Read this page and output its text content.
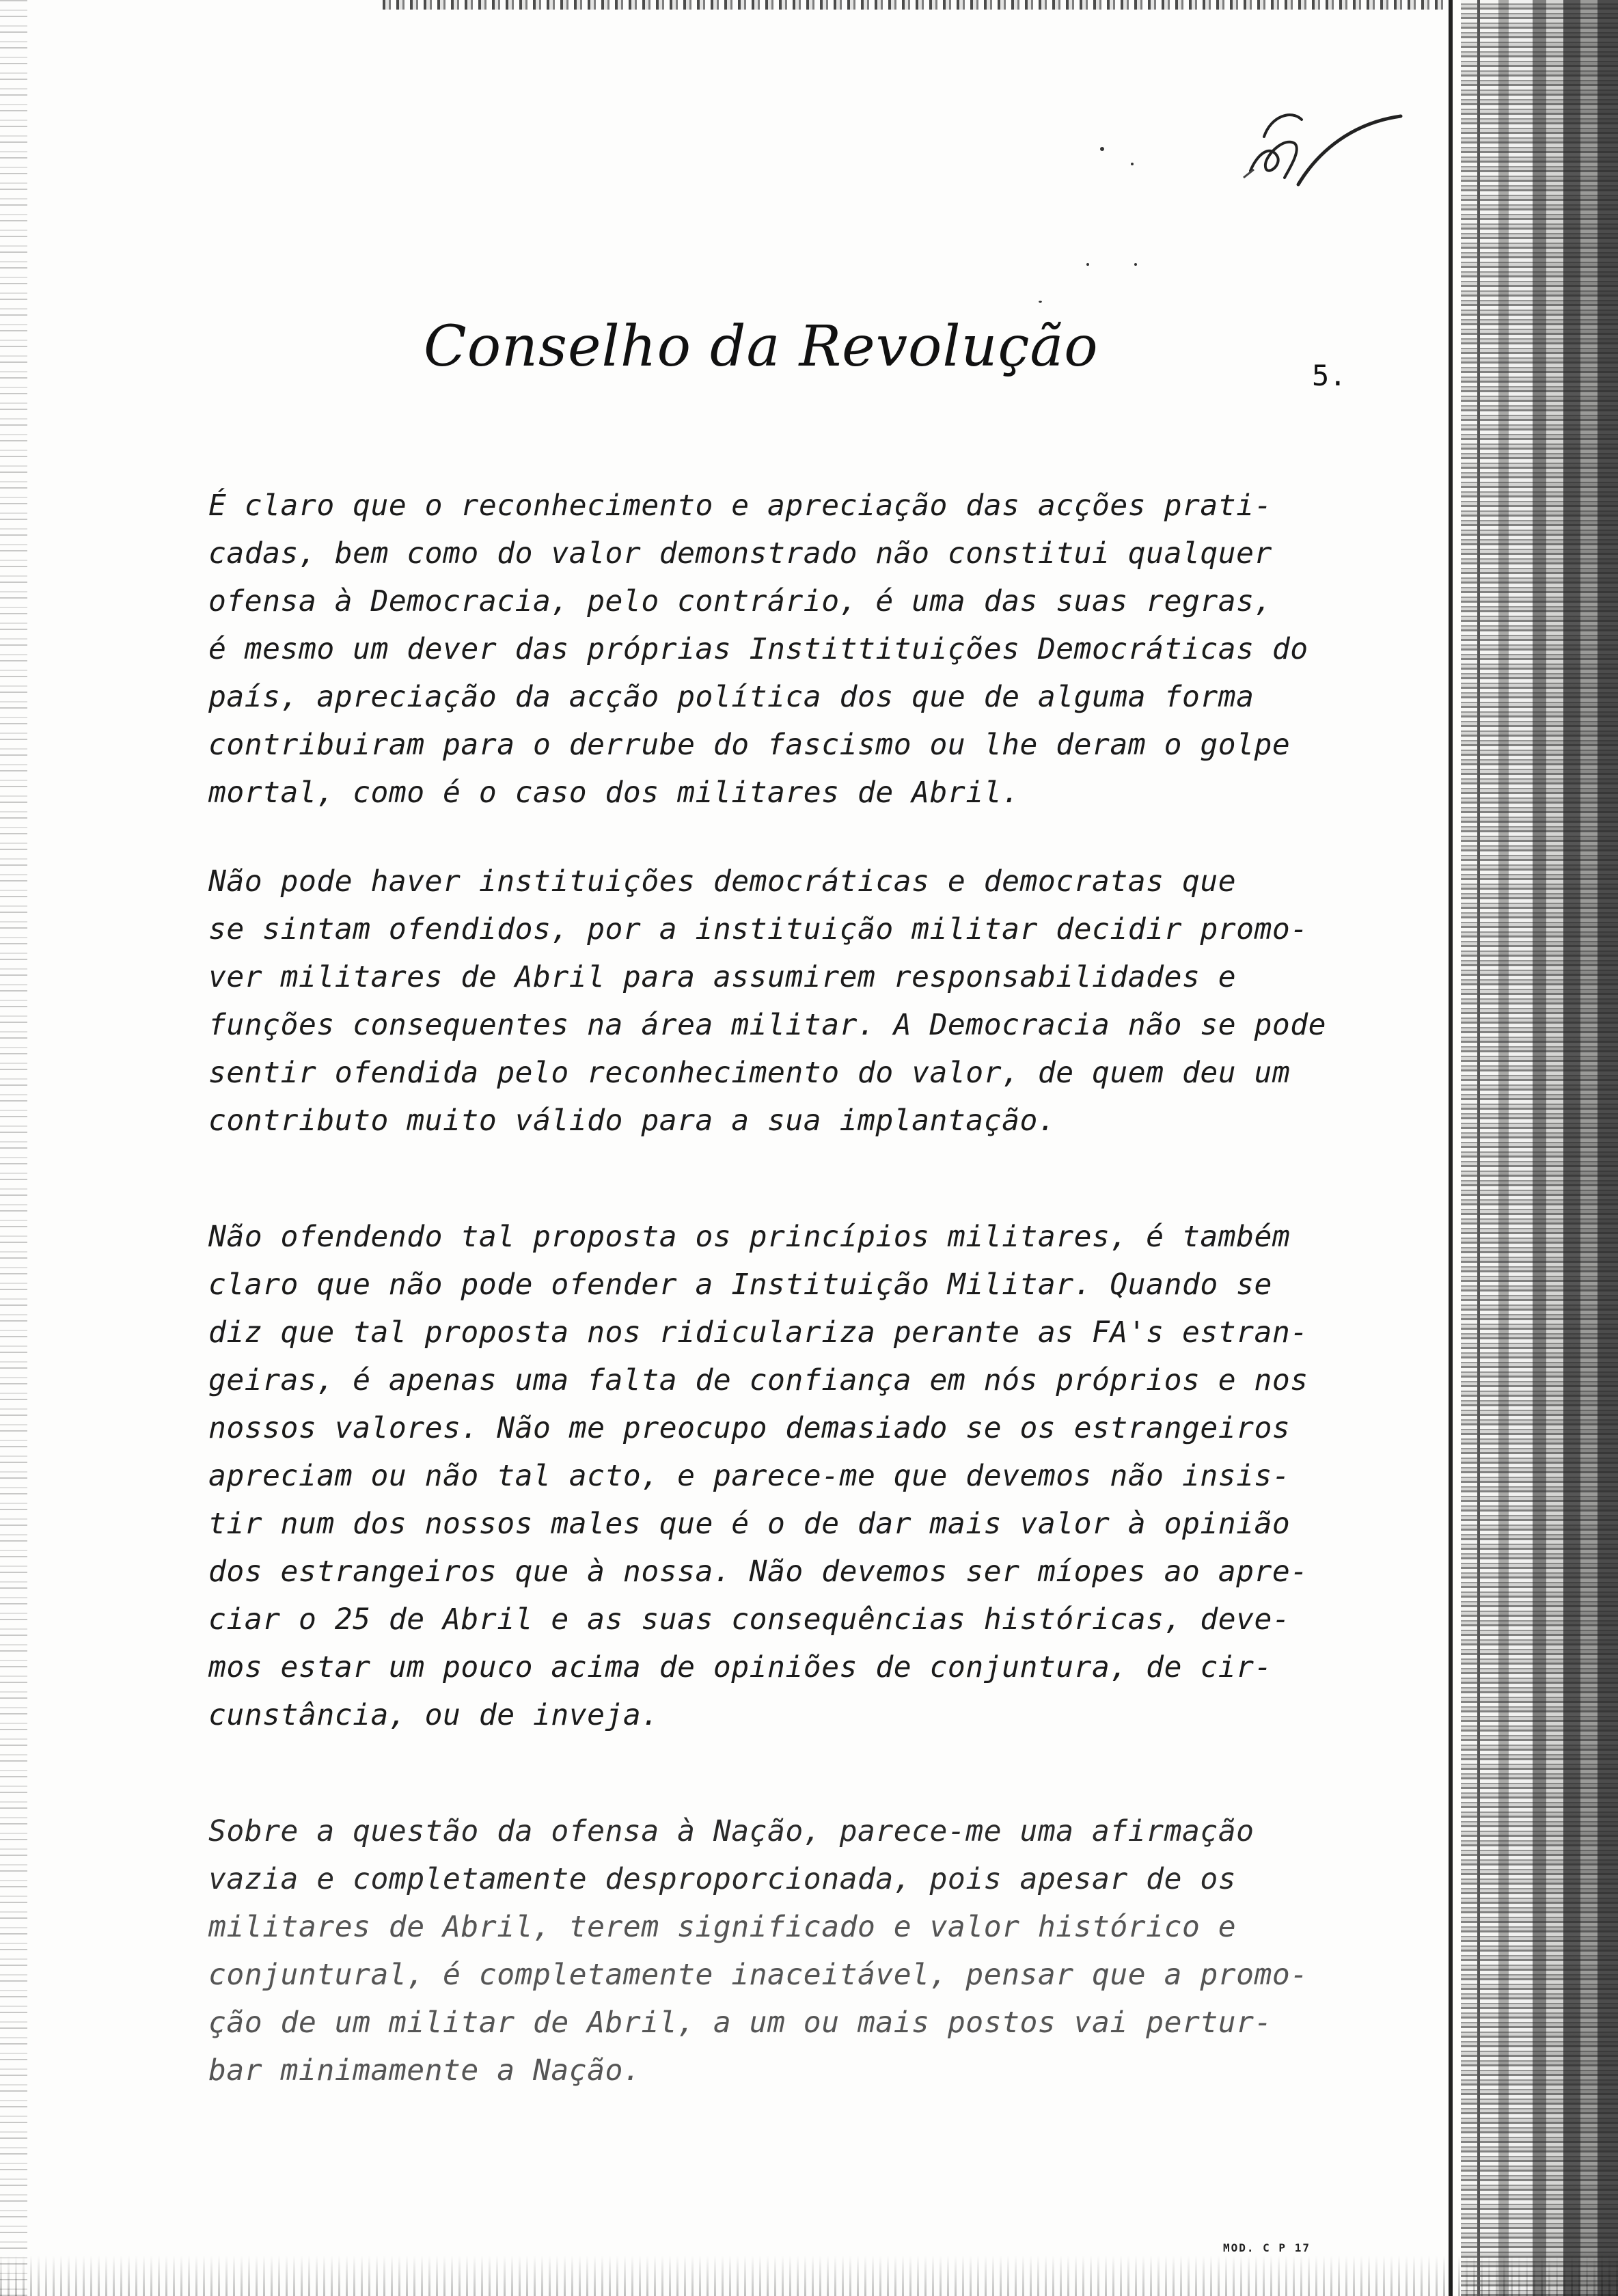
Conselho da Revolução	5.
É claro que o reconhecimento e apreciação das acções prati-
cadas, bem como do valor demonstrado não constitui qualquer
ofensa à Democracia, pelo contrário, é uma das suas regras,
é mesmo um dever das próprias Instittituições Democráticas do
país, apreciação da acção política dos que de alguma forma
contribuiram para o derrube do fascismo ou lhe deram o golpe
mortal, como é o caso dos militares de Abril.
Não pode haver instituições democráticas e democratas que
se sintam ofendidos, por a instituição militar decidir promo-
ver militares de Abril para assumirem responsabilidades e
funções consequentes na área militar. A Democracia não se pode
sentir ofendida pelo reconhecimento do valor, de quem deu um
contributo muito válido para a sua implantação.
Não ofendendo tal proposta os princípios militares, é também
claro que não pode ofender a Instituição Militar. Quando se
diz que tal proposta nos ridiculariza perante as FA's estran-
geiras, é apenas uma falta de confiança em nós próprios e nos
nossos valores. Não me preocupo demasiado se os estrangeiros
apreciam ou não tal acto, e parece-me que devemos não insis-
tir num dos nossos males que é o de dar mais valor à opinião
dos estrangeiros que à nossa. Não devemos ser míopes ao apre-
ciar o 25 de Abril e as suas consequências históricas, deve-
mos estar um pouco acima de opiniões de conjuntura, de cir-
cunstância, ou de inveja.
Sobre a questão da ofensa à Nação, parece-me uma afirmação
vazia e completamente desproporcionada, pois apesar de os
militares de Abril, terem significado e valor histórico e
conjuntural, é completamente inaceitável, pensar que a promo-
ção de um militar de Abril, a um ou mais postos vai pertur-
bar minimamente a Nação.
MOD. C P 17
